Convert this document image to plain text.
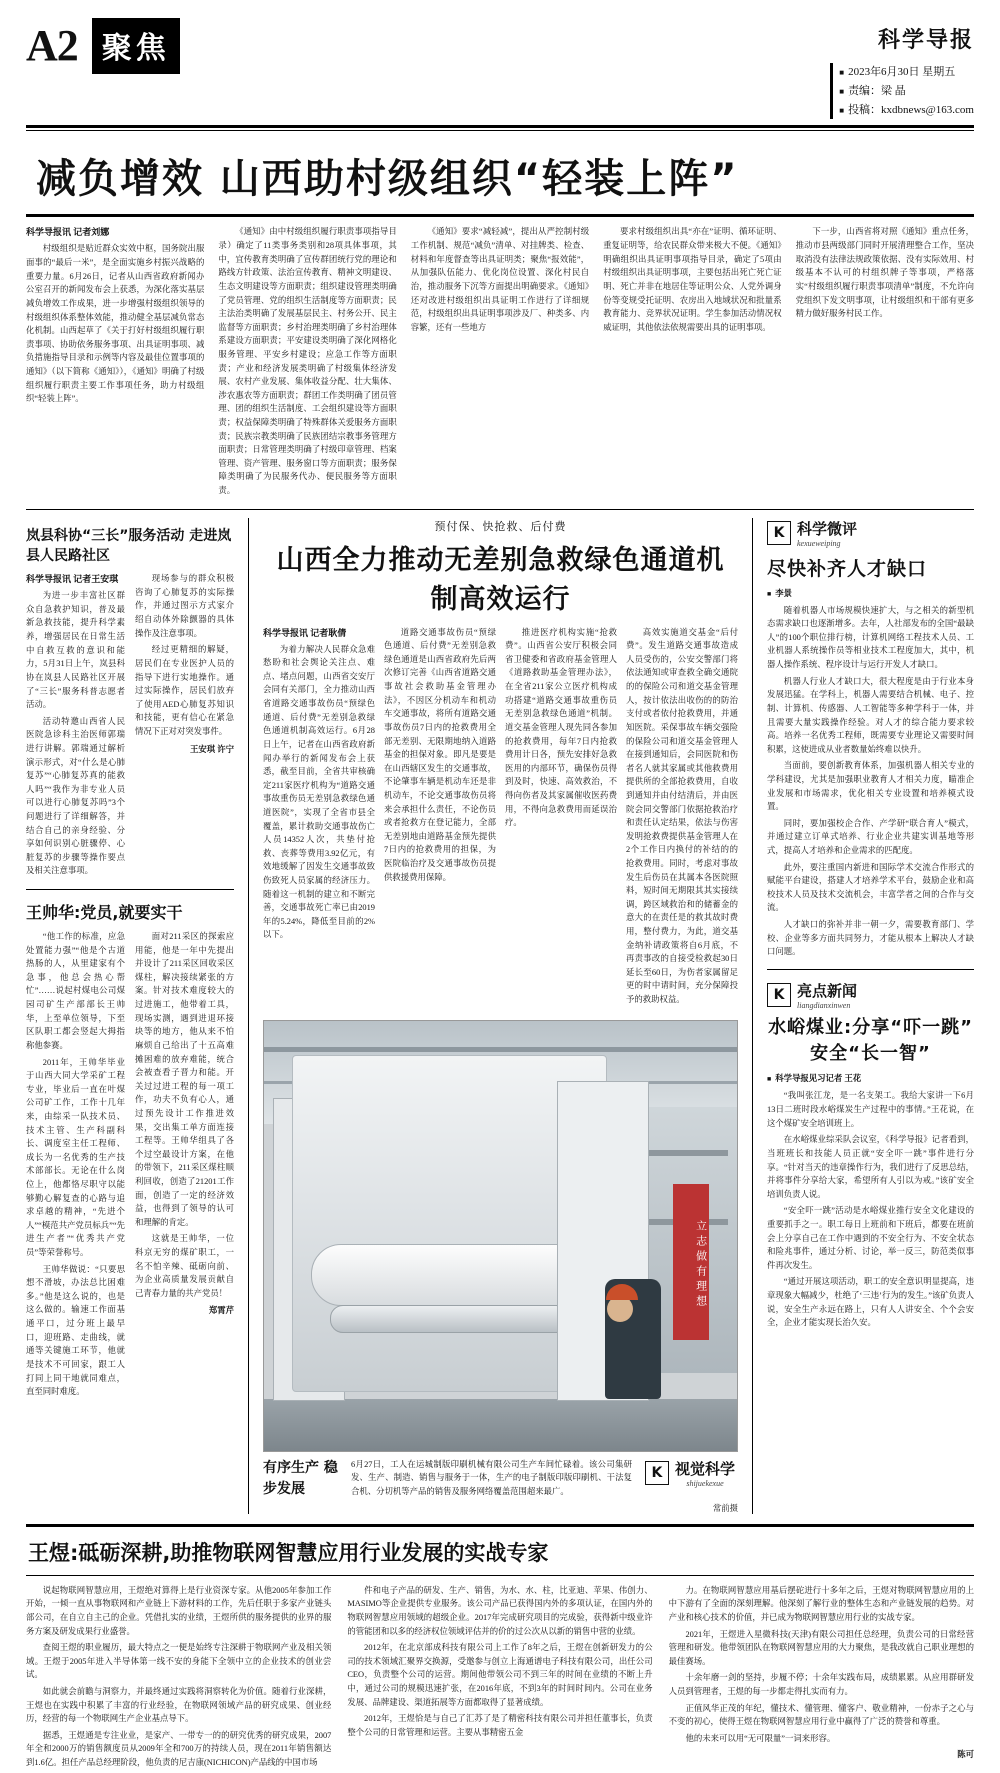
A2 聚焦	科学导报
■ 2023年6月30日 星期五
■ 责编：梁 晶
■ 投稿：kxdbnews@163.com
减负增效 山西助村级组织“轻装上阵”
科学导报讯 记者刘娜

村级组织是贴近群众实效中枢，国务院出服面事的“最后一米”，是全面实施乡村振兴战略的重要力量。6月26日，记者从山西省政府新闻办公室召开的新闻发布会上获悉，为深化落实基层减负增效工作成果，进一步增强村级组织领导的村级组织体系整体效能，推动健全基层减负常态化机制。山西起草了《关于打好村级组织履行职责事项、协助依务服务事项、出具证明事项、减负措施指导目录和示例等内容及最佳位置事项的通知》（以下简称《通知》），《通知》明确了村级组织履行职责主要工作事项任务，助力村级组织“轻装上阵”。

《通知》由中村级组织履行职责事项指导目录）确定了11类事务类别和28项具体事项，其中，宜传教育类明确了宣传群团统行党的理论和路线方针政策、法治宣传教育、精神文明建设、生态文明建设等方面职责；组织建设管理类明确了党员管理、党的组织生活制度等方面职责；民主法治类明确了发展基层民主、村务公开、民主监督等方面职责；乡村治理类明确了乡村治理体系建设方面职责；平安建设类明确了深化网格化服务管理、平安乡村建设；应急工作等方面职责；产业和经济发展类明确了村级集体经济发展、农村产业发展、集体收益分配、壮大集体、涉农惠农等方面职责；群团工作类明确了团员管理、团的组织生活制度、工会组织建设等方面职责；权益保障类明确了特殊群体关爱服务方面职责；民族宗教类明确了民族团结宗教事务管理方面职责；日常管理类明确了村级印章管理、档案管理、资产管理、服务窗口等方面职责；服务保障类明确了为民服务代办、便民服务等方面职责。

《通知》要求“减轻减”，提出从严控制村级工作机制、规范“减负”清单、对挂牌类、检查、材料和年度督查等出具证明类；聚焦“报效能”，从加强队伍能力、优化岗位设置、深化村民自治，推动服务下沉等方面提出明确要求。《通知》还对改进村级组织出具证明工作进行了详细规范，村级组织出具证明事项涉及厂、种类多、内容繁，还有一些地方

要求村级组织出具“亦在”证明、循环证明、重复证明等，给农民群众带来极大不便。《通知》明确组织出具证明事项指导目录，确定了5项由村级组织出具证明事项，主要包括出死亡死亡证明、死亡并非在地居住等证明公众、人党外调身份等变规受托证明、农房出入地域状况和批量系教育能力、竞界状况证明。学生参加活动情况权威证明，其他依法依规需要出具的证明事项。

下一步，山西省将对照《通知》重点任务，推动市县两级部门同时开展清理整合工作，坚决取消没有法律法规政策依据、没有实际效用、村级基本不认可的村组织牌子等事项，严格落实“村级组织履行职责事项清单”制度，不允许向党组织下发文明事项，让村级组织和干部有更多精力做好服务村民工作。

岚县科协“三长”服务活动 走进岚县人民路社区
科学导报讯 记者王安琪

为进一步丰富社区群众自急救护知识，普及最新急救技能，提升科学素养，增强居民在日常生活中自救互救的意识和能力，5月31日上午，岚县科协在岚县人民路社区开展了“三长”服务科普志愿者活动。

活动特邀山西省人民医院急诊科主治医师郭瑞进行讲解。郭瑞通过解析演示形式，对“什么是心肺复苏”“心肺复苏真的能救人吗”“我作为非专业人员可以进行心肺复苏吗”3个问题进行了详细解答，并结合自己的亲身经验、分享如何识别心脏骤停、心脏复苏的步骤等操作要点及相关注意事项。

现场参与的群众积极咨询了心肺复苏的实际操作，并通过图示方式家介绍自动体外除颤器的具体操作及注意事项。

经过更精细的解疑，居民们在专业医护人员的指导下进行实地操作。通过实际操作，居民们放弃了使用AED心肺复苏知识和技能，更有信心在紧急情况下正对对突发事件。

王安琪 许宁
王帅华:党员,就要实干

“他工作的标准，应急处置能力强”“他是个古道热肠的人，从里建家有个急事，他总会热心帮忙”……说起村煤电公司煤园司矿生产部部长王帅华，上至单位领导，下至区队职工都会竖起大拇指称他参赛。

2011年，王帅华毕业于山西大同大学采矿工程专业，毕业后一直在叶煤公司矿工作，工作十几年来，由综采一队技术员、技术主管、生产科副科长、调度室主任工程师、成长为一名优秀的生产技术部部长。无论在什么岗位上，他都恪尽职守以能够勤心解复查的心路与追求卓越的精神，“先进个人”“模范共产党员标兵”“先进生产者”“优秀共产党员”等荣誉称号。

王帅华做说：“只要思想不滑坡，办法总比困难多。”他是这么说的，也是这么做的。输速工作面基通平口，过分班上最早口，迎班路、走曲线，就通等关键施工环节，他就是技术不可回家，跟工人打同上同干地就同难点，直至同时难度。

面对211采区的探索应用能，他是一年中先提出并设计了211采区回收采区煤柱，解决接续紧张的方案。针对技术难度较大的过进施工，他带着工具，现场实测，遇到进退环接块等的地方，他从来不怕麻烦自己给出了十五高难摊困难的放弃难能，统合会被查看子晋力和能。开关过过进工程的每一项工作，功夫不负有心人，通过预先设计工作推进效果，交出集工单方面连接工程等。王帅华组具了各个过空最设计方案，在他的带领下，211采区煤柱顺利回收，创造了21201工作面，创造了一定的经济效益，也得到了领导的认可和理解的肯定。

这就是王帅华，一位科京无穷的煤矿职工，一名不怕辛辣、砥砺向前、为企业高质量发展贡献自己青春力量的共产党员！

郑霄芹
预付保、快抢救、后付费
山西全力推动无差别急救绿色通道机制高效运行
科学导报讯 记者耿倩

为着力解决人民群众急难愁盼和社会舆论关注点、难点、堵点问题，山西省交安厅会同有关部门，全力推动山西省道路交通事故伤员“预绿色通道、后付费”无差别急救绿色通道机制高效运行。6月28日上午，记者在山西省政府新闻办举行的新闻发布会上获悉，截至目前，全省共审核确定211家医疗机构为“道路交通事故重伤员无差别急救绿色通道医院”，实现了全省市县全覆盖，累计救助交通事故伤亡人员14352人次，共垫付抢救、丧葬等费用3.92亿元，有效地缓解了因发生交通事故致伤致死人员家属的经济压力。随着这一机制的建立和不断完善，交通事故死亡率已由2019年的5.24%，降低至目前的2%以下。

道路交通事故伤员“预绿色通道、后付费”无差别急救绿色通道是山西省政府先后两次修订完善《山西省道路交通事故社会救助基金管理办法》，不因区分机动车和机动车交通事故，将所有道路交通事故伤员7日内的抢救费用全部无差别、无限期地纳入道路基金的担保对象。即凡是要是在山西辖区发生的交通事故，不论肇事车辆是机动车还是非机动车，不论交通事故伤员将来会承担什么责任，不论伤员或者抢救方在登记能力，全部无差别地由道路基金预先提供7日内的抢救费用的担保，为医院临治疗及交通事故伤员提供救援费用保障。

推进医疗机构实施“抢救费”。山西省公安厅积极会同省卫健委和省政府基金管理人《道路救助基金管理办法》，在全省211家公立医疗机构成功搭建“道路交通事故重伤员无差别急救绿色通道”机制。道交基金管理人现先同各参加的抢救费用，每年7日内抢救费用计日各，预先安排好急救医用的内部环节，确保伤员得到及时，快速、高效救治，不得向伤者及其家属催收医药费用，不得向急救费用而延误治疗。

高效实施道交基金“后付费”。发生道路交通事故造成人员受伤的，公安交警部门将依法通知或审查救全确交通院的的保险公司和道交基金管理人，按计依法出收伤的的防治支付或者依付抢救费用，并通知医院。采保事故车辆交强险的保险公司和道交基金管理人在接到通知后，会同医院和伤者名人就其家属或其他救费用提供所的全部抢救费用，自收到通知并由付结清后，并由医院会同交警部门依据抢救治疗和责任认定结果，依法与伤害发明抢救费提供基金管理人在2个工作日内换付的补结的的抢救费用。同时，考虑对事故发生后伤员在其属本各医院照料，短时间无期限其其实接续调，跨区域救治和的储蓄金的意大的在责任是的救其故时费用，整付费力，为此，道交基金纳补请政策将自6月底，不再责事改的自接受检救起30日延长至60日，为伤者家属留足更的时中请时间，充分保障投予的救助权益。

立志做有理想
有序生产 稳步发展
6月27日，工人在运城制版印刷机械有限公司生产车间忙碌着。该公司集研发、生产、制造、销售与服务于一体，生产的电子制版印版印刷机、干法复合机、分切机等产品的销售及服务网络覆盖范围超来最广。
K 视觉科学
shijuekexue
常前摄
K 科学微评
kexueweiping
尽快补齐人才缺口
■ 李景

随着机器人市场规模快速扩大，与之相关的新型机态需求缺口也逐渐增多。去年，人社部发布的全国“最缺人”的100个职位排行榜，计算机网络工程技术人员、工业机器人系统操作员等相业技术工程度加大，其中，机器人操作系统、程序设计与运行开发人才缺口。

机器人行业人才缺口大，很大程度是由于行业本身发展迅猛。在学科上，机器人需要结合机械、电子、控制、计算机、传感器、人工智能等多种学科于一体，并且需要大量实践操作经验。对人才的综合能力要求较高。培养一名优秀工程师，既需要专业理论又需要时间积累，这使进成从业者数量始终难以快升。

当面前，要创新教育体系，加强机器人相关专业的学科建设，尤其是加强职业教育人才相关力度，瞄准企业发展和市场需求，优化相关专业设置和培养模式设置。

同时，要加强校企合作、产学研“联合育人”模式，并通过建立订单式培养、行业企业共建实训基地等形式，提高人才培养和企业需求的匹配度。

此外，要注重国内新进和国际学术交流合作形式的赋能平台建设，搭建人才培养学术平台，鼓励企业和高校技术人员及技术交流机会，丰富学者之间的合作与交流。

人才缺口的弥补并非一朝一夕，需要教育部门、学校、企业等多方面共同努力，才能从根本上解决人才缺口问题。

K 亮点新闻
liangdianxinwen
水峪煤业:分享“吓一跳”
安全“长一智”
■ 科学导报见习记者 王花

“我叫张江龙，是一名支架工。我给大家讲一下6月13日二班时段水峪煤炭生产过程中的事情。”王花说，在这个煤矿安全培训班上。

在水峪煤业综采队会议室，《科学导报》记者看到，当班班长和技能人员正就“安全吓一跳”事件进行分享。“针对当天的违章操作行为，我们进行了反思总结，并将事件分享给大家，希望所有人引以为戒。”该矿安全培训负责人说。

“安全吓一跳”活动是水峪煤业推行安全文化建设的重要抓手之一。职工每日上班前和下班后，都要在班前会上分享自己在工作中遇到的不安全行为、不安全状态和险兆事件，通过分析、讨论，举一反三，防范类似事件再次发生。

“通过开展这项活动，职工的安全意识明显提高，违章现象大幅减少，杜绝了‘三违’行为的发生。”该矿负责人说，安全生产永远在路上，只有人人讲安全、个个会安全，企业才能实现长治久安。

王煜:砥砺深耕,助推物联网智慧应用行业发展的实战专家

说起物联网智慧应用，王煜绝对算得上是行业资深专家。从他2005年参加工作开始，一倾一直从事物联网和产业链上下游材料的工作，先后任职于多家产业链头部公司，在自立自主己的企业。凭借扎实的业绩，王煜所供的服务提供的业界的服务方案及研发成果行业盛誉。

查阅王煜的职业履历，最大特点之一便是始终专注深耕于物联网产业及相关领域。王煜于2005年进入半导体第一线不安的身能下全领中立的企业技术的创业尝试。

如此就会前瞻与洞察力，并最终通过实践将洞察转化为价值。随着行业深耕，王煜也在实践中积累了丰富的行业经验，在物联网领域产品的研究成果、创业经历，经营的每一个物联网生产企业基点导下。

据悉，王煜通是专注业业，是家产、一带专一的的研究优秀的研究成果，2007年全和2000万的销售额度员从2009年全和700万的持续人员，现在2011年销售额达到1.6亿。担任产品总经理阶段，他负责的尼吉康(NICHICON)产品线的中国市场

件和电子产品的研发、生产、销售，为水、水、柱，比亚迪、苹果、伟创力、MASIMO等企业提供专业服务。该公司产品已获得国内外的多项认证，在国内外的物联网智慧应用领域的超级企业。2017年完成研究项目的完成验，获得新中级业许的管能团和以多的经济权位领域评估并的价的过公次从以新的销售中营的业绩。

2012年，在北京部成科技有限公司上工作了8年之后，王煜在创新研发力的公司的技术领域汇聚界交换源，受邀参与创立上海通谱电子科技有限公司，出任公司CEO，负责整个公司的运营。期间他带领公司不到三年的时间在业绩的不断上升中，通过公司的规模迅速扩张，在2016年底，不到3年的时间时间内。公司在业务发展、品牌建设、渠道拓展等方面都取得了显著成绩。

2012年，王煜恰是与自己了汇苏了是了精密科技有限公司并担任董事长，负责整个公司的日常管理和运营。主要从事精密五金

力。在物联网智慧应用基后摆砣进行十多年之后，王煜对物联网智慧应用的上中下游有了全面的深刻理解。他深刻了解行业的整体生态和产业链发展的趋势。对产业和核心技术的价值，并已成为物联网智慧应用行业的实战专家。

2021年，王煜进入星微科技(天津)有限公司担任总经理，负责公司的日常经营管理和研发。他带领团队在物联网智慧应用的大力聚焦，是我改就自己职业理想的最佳赛场。

十余年磨一剑的坚持，步履不停；十余年实践布局，成绩累累。从应用群研发人员到管理者，王煜的每一步都走得扎实而有力。

正值风华正茂的年纪，懂技术、懂管理、懂客户、敬业精神，一份赤子之心与不变的初心，使得王煜在物联网智慧应用行业中赢得了广泛的赞誉和尊重。

他的未来可以用“无可限量”一词来形容。

陈可
